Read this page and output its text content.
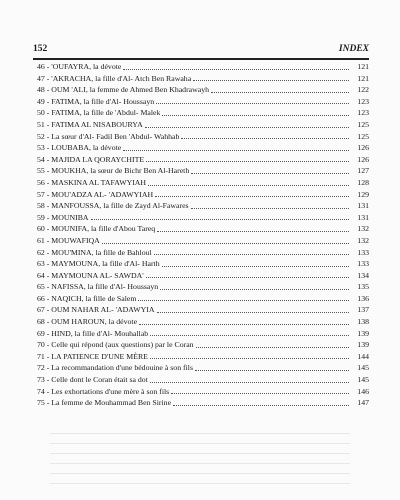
152	INDEX
46 - 'OUFAYRA, la dévote	121
47 - 'AKRACHA, la fille d'Al- Atch Ben Rawaha	121
48 - OUM 'ALI, la femme de Ahmed Ben Khadrawayh	122
49 - FATIMA, la fille d'Al- Houssayn	123
50 - FATIMA, la fille de 'Abdul- Malek	123
51 - FATIMA AL NISABOURYA	125
52 - La sœur d'Al- Fadil Ben 'Abdul- Wahhab	125
53 - LOUBABA, la dévote	126
54 - MAJIDA LA QORAYCHITE	126
55 - MOUKHA, la sœur de Bichr Ben Al-Hareth	127
56 - MASKINA AL TAFAWYIAH	128
57 - MOU'ADZA AL- 'ADAWYIAH	129
58 - MANFOUSSA, la fille de Zayd Al-Fawares	131
59 - MOUNIBA	131
60 - MOUNIFA, la fille d'Abou Tareq	132
61 - MOUWAFIQA	132
62 - MOU'MINA, la fille de Bahloul	133
63 - MAYMOUNA, la fille d'Al- Harth	133
64 - MAYMOUNA AL- SAWDA'	134
65 - NAFISSA, la fille d'Al- Houssayn	135
66 - NAQICH, la fille de Salem	136
67 - OUM NAHAR AL- 'ADAWYIA	137
68 - OUM HAROUN, la dévote	138
69 - HIND, la fille d'Al- Mouhallab	139
70 - Celle qui répond (aux questions) par le Coran	139
71 - LA PATIENCE D'UNE MÈRE	144
72 - La recommandation d'une bédouine à son fils	145
73 - Celle dont le Coran était sa dot	145
74 - Les exhortations d'une mère à son fils	146
75 - La femme de Mouhammad Ben Sirine	147
